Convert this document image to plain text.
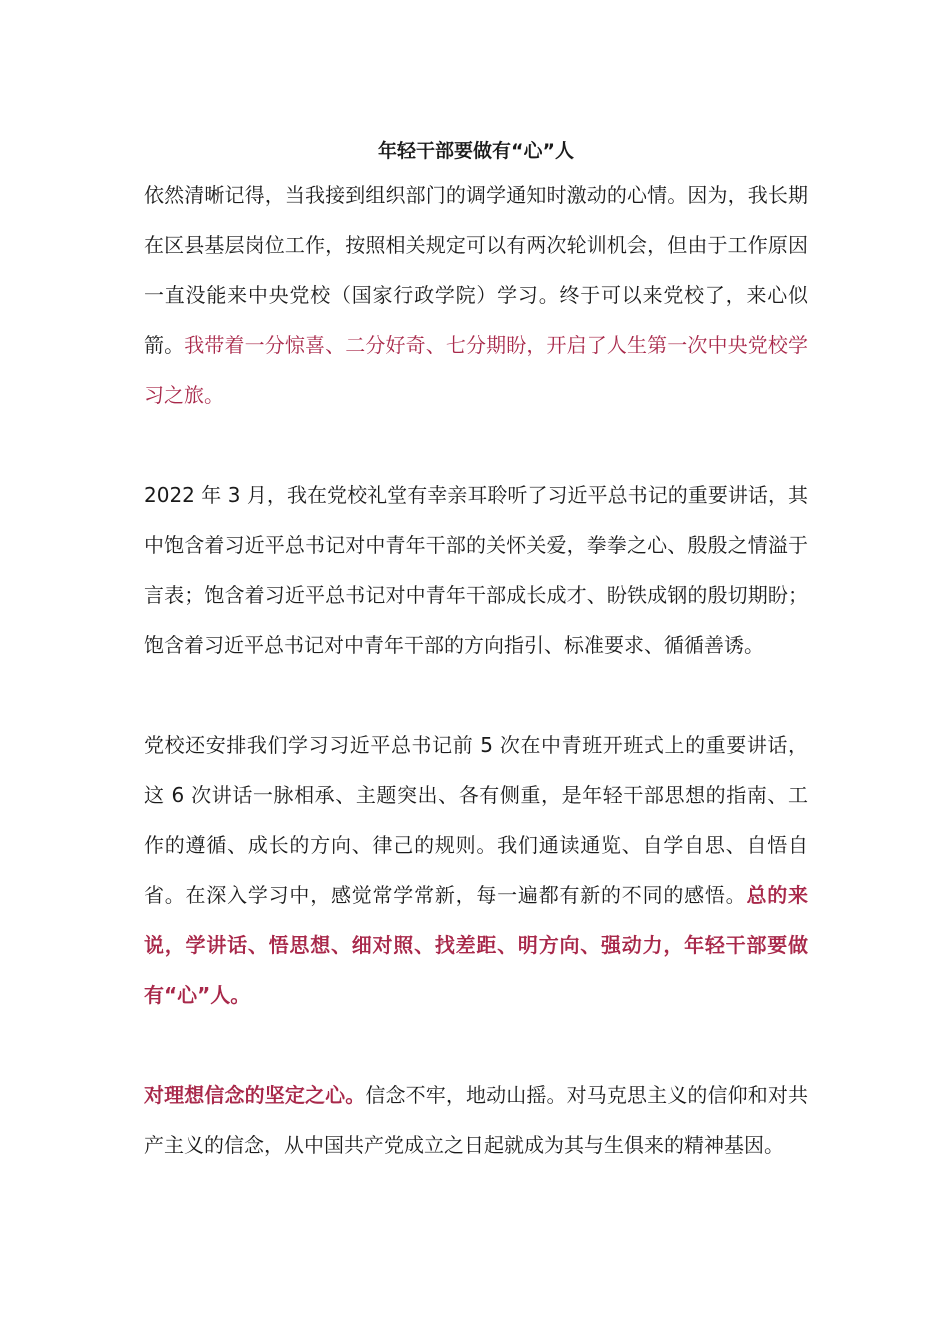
年轻干部要做有“心”人

依然清晰记得，当我接到组织部门的调学通知时激动的心情。因为，我长期在区县基层岗位工作，按照相关规定可以有两次轮训机会，但由于工作原因一直没能来中央党校（国家行政学院）学习。终于可以来党校了，来心似箭。我带着一分惊喜、二分好奇、七分期盼，开启了人生第一次中央党校学习之旅。

2022 年 3 月，我在党校礼堂有幸亲耳聆听了习近平总书记的重要讲话，其中饱含着习近平总书记对中青年干部的关怀关爱，拳拳之心、殷殷之情溢于言表；饱含着习近平总书记对中青年干部成长成才、盼铁成钢的殷切期盼；饱含着习近平总书记对中青年干部的方向指引、标准要求、循循善诱。

党校还安排我们学习习近平总书记前 5 次在中青班开班式上的重要讲话，这 6 次讲话一脉相承、主题突出、各有侧重，是年轻干部思想的指南、工作的遵循、成长的方向、律己的规则。我们通读通览、自学自思、自悟自省。在深入学习中，感觉常学常新，每一遍都有新的不同的感悟。总的来说，学讲话、悟思想、细对照、找差距、明方向、强动力，年轻干部要做有“心”人。

对理想信念的坚定之心。信念不牢，地动山摇。对马克思主义的信仰和对共产主义的信念，从中国共产党成立之日起就成为其与生俱来的精神基因。
